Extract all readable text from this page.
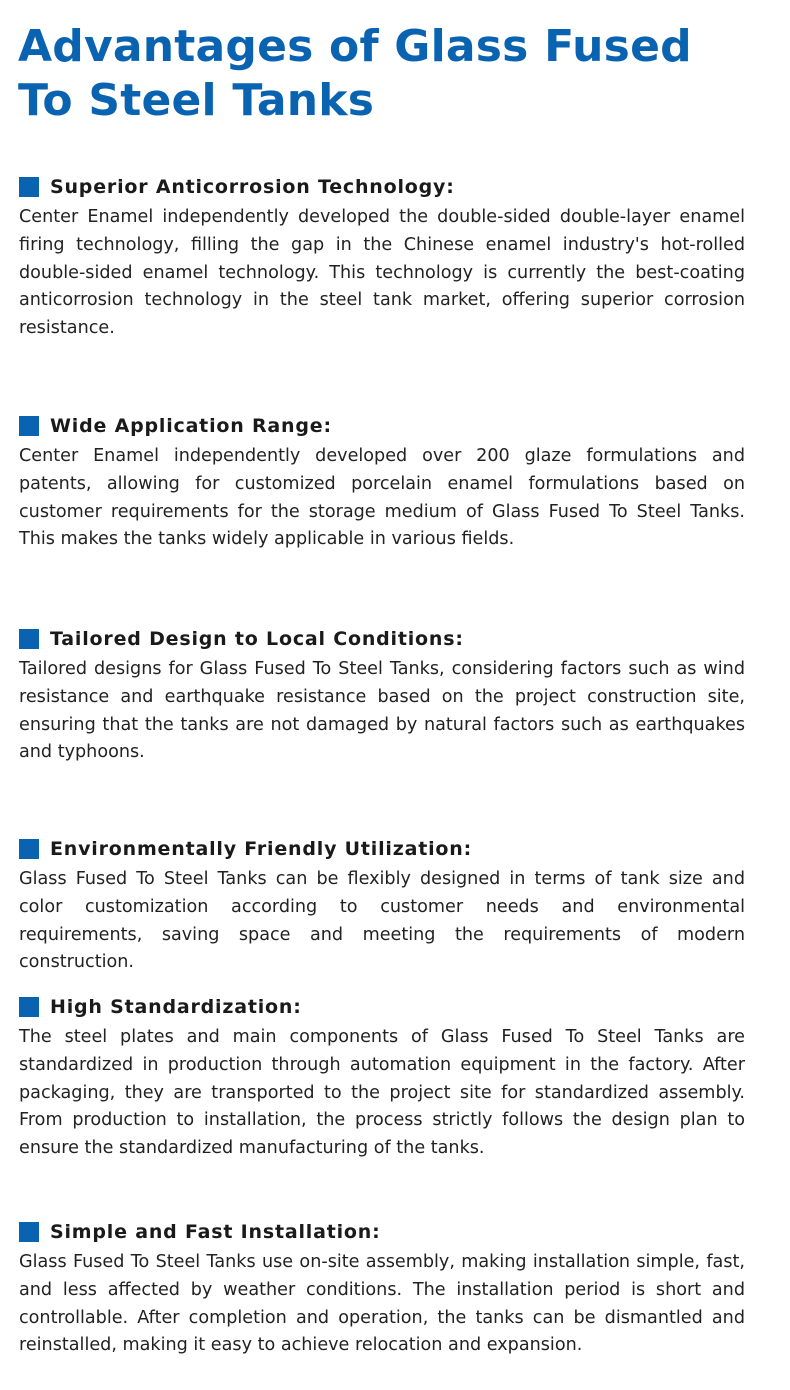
Advantages of Glass Fused To Steel Tanks
Superior Anticorrosion Technology:

Center Enamel independently developed the double-sided double-layer enamel firing technology, filling the gap in the Chinese enamel industry's hot-rolled double-sided enamel technology. This technology is currently the best-coating anticorrosion technology in the steel tank market, offering superior corrosion resistance.

Wide Application Range:

Center Enamel independently developed over 200 glaze formulations and patents, allowing for customized porcelain enamel formulations based on customer requirements for the storage medium of Glass Fused To Steel Tanks. This makes the tanks widely applicable in various fields.

Tailored Design to Local Conditions:

Tailored designs for Glass Fused To Steel Tanks, considering factors such as wind resistance and earthquake resistance based on the project construction site, ensuring that the tanks are not damaged by natural factors such as earthquakes and typhoons.

Environmentally Friendly Utilization:

Glass Fused To Steel Tanks can be flexibly designed in terms of tank size and color customization according to customer needs and environmental requirements, saving space and meeting the requirements of modern construction.

High Standardization:

The steel plates and main components of Glass Fused To Steel Tanks are standardized in production through automation equipment in the factory. After packaging, they are transported to the project site for standardized assembly. From production to installation, the process strictly follows the design plan to ensure the standardized manufacturing of the tanks.

Simple and Fast Installation:

Glass Fused To Steel Tanks use on-site assembly, making installation simple, fast, and less affected by weather conditions. The installation period is short and controllable. After completion and operation, the tanks can be dismantled and reinstalled, making it easy to achieve relocation and expansion.
